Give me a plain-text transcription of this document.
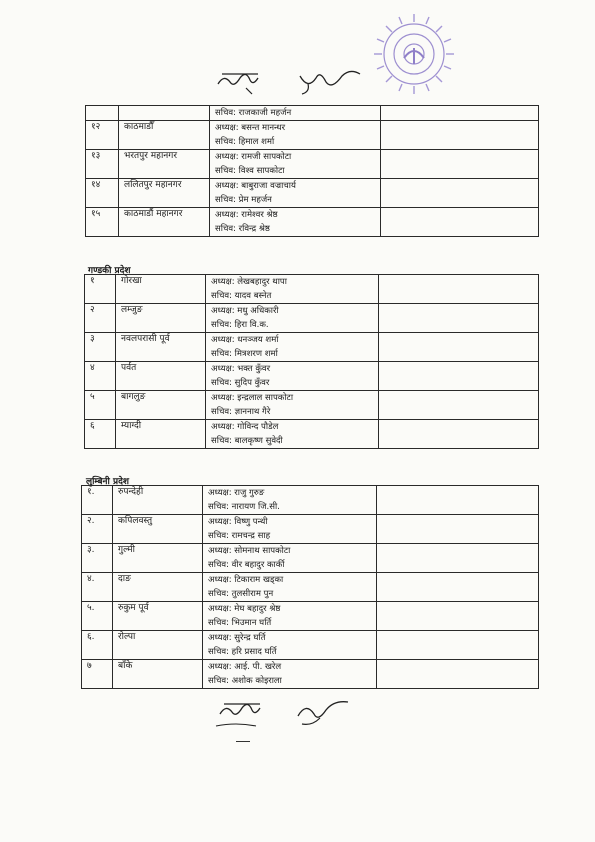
		सचिव: राजकाजी महर्जन	

१२	काठमाडौँ	अध्यक्ष: बसन्त मानन्धर
सचिव: हिमाल शर्मा	

१३	भरतपुर महानगर	अध्यक्ष: रामजी सापकोटा
सचिव: विश्व सापकोटा	

१४	ललितपुर महानगर	अध्यक्ष: बाबुराजा वज्राचार्य
सचिव: प्रेम महर्जन	

१५	काठमाडौं महानगर	अध्यक्ष: रामेश्वर श्रेष्ठ
सचिव: रविन्द्र श्रेष्ठ	

गण्डकी प्रदेश
१	गोरखा	अध्यक्ष: लेखबहादुर थापा
सचिव: यादव बस्नेत	

२	लम्जुङ	अध्यक्ष: मधु अधिकारी
सचिव: हिरा वि.क.	

३	नवलपरासी पूर्व	अध्यक्ष: धनञ्जय शर्मा
सचिव: मित्रशरण शर्मा	

४	पर्वत	अध्यक्ष: भक्त कुँवर
सचिव: सुदिप कुँवर	

५	बागलुङ	अध्यक्ष: इन्द्रलाल सापकोटा
सचिव: ज्ञाननाथ गैरे	

६	म्याग्दी	अध्यक्ष: गोविन्द पौडेल
सचिव: बालकृष्ण सुवेदी	

लुम्बिनी प्रदेश
१.	रुपन्देही	अध्यक्ष: राजु गुरुङ
सचिव: नारायण जि.सी.	

२.	कपिलवस्तु	अध्यक्ष: विष्णु पन्थी
सचिव: रामचन्द्र साह	

३.	गुल्मी	अध्यक्ष: सोमनाथ सापकोटा
सचिव: वीर बहादुर कार्की	

४.	दाङ	अध्यक्ष: टिकाराम खड्का
सचिव: तुलसीराम पुन	

५.	रुकुम पूर्व	अध्यक्ष: मेघ बहादुर श्रेष्ठ
सचिव: भिउमान घर्ति	

६.	रोल्पा	अध्यक्ष: सुरेन्द्र घर्ति
सचिव: हरि प्रसाद घर्ति	

७	बाँके	अध्यक्ष: आई. पी. खरेल
सचिव: अशोक कोइराला	
